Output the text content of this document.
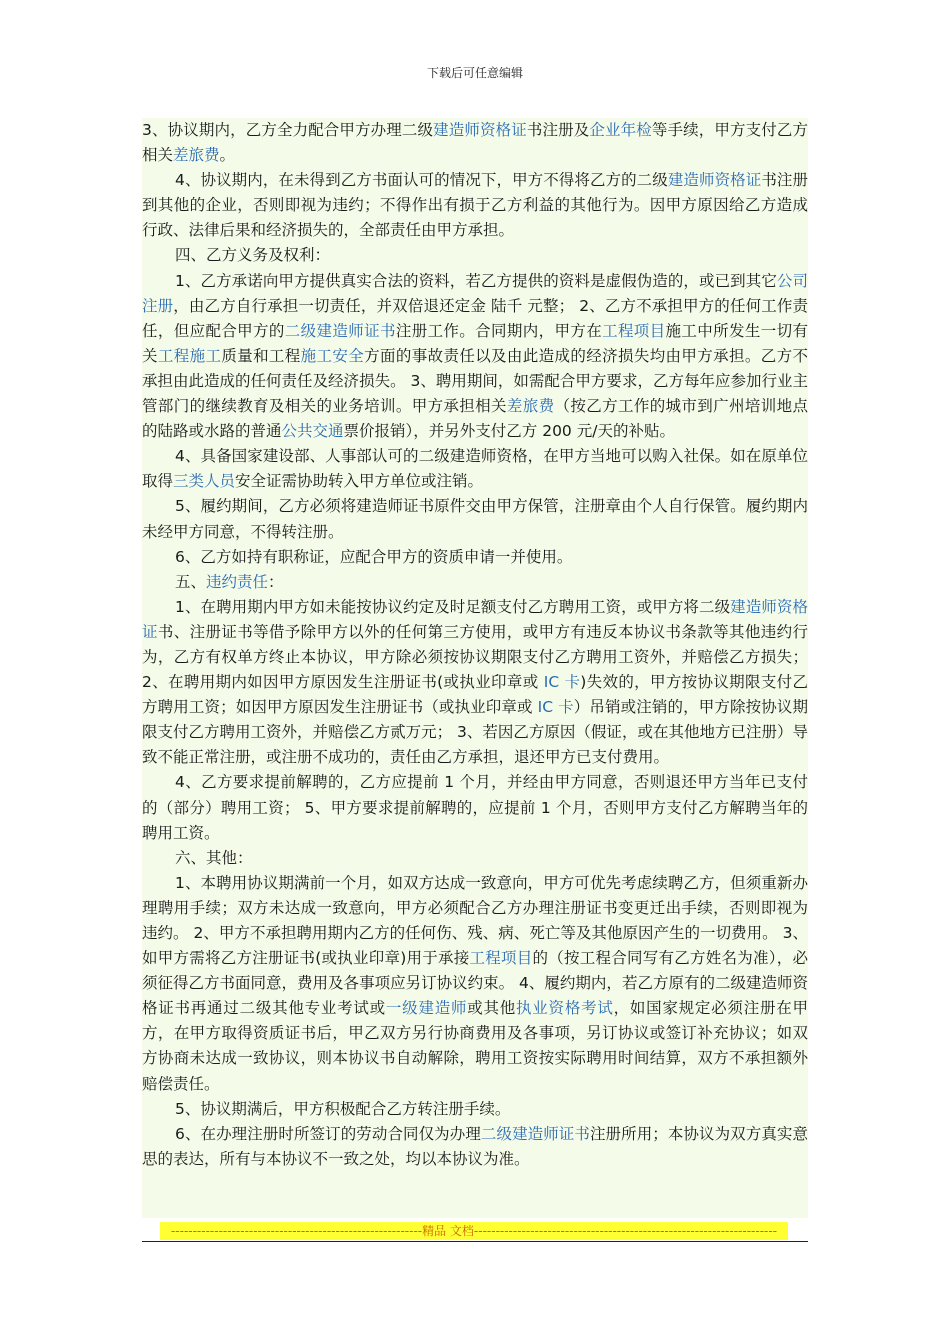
下载后可任意编辑

3、协议期内，乙方全力配合甲方办理二级建造师资格证书注册及企业年检等手续，甲方支付乙方相关差旅费。

4、协议期内，在未得到乙方书面认可的情况下，甲方不得将乙方的二级建造师资格证书注册到其他的企业，否则即视为违约；不得作出有损于乙方利益的其他行为。因甲方原因给乙方造成行政、法律后果和经济损失的，全部责任由甲方承担。

四、乙方义务及权利：

1、乙方承诺向甲方提供真实合法的资料，若乙方提供的资料是虚假伪造的，或已到其它公司注册，由乙方自行承担一切责任，并双倍退还定金 陆千 元整； 2、乙方不承担甲方的任何工作责任，但应配合甲方的二级建造师证书注册工作。合同期内，甲方在工程项目施工中所发生一切有关工程施工质量和工程施工安全方面的事故责任以及由此造成的经济损失均由甲方承担。乙方不承担由此造成的任何责任及经济损失。 3、聘用期间，如需配合甲方要求，乙方每年应参加行业主管部门的继续教育及相关的业务培训。甲方承担相关差旅费（按乙方工作的城市到广州培训地点的陆路或水路的普通公共交通票价报销），并另外支付乙方 200 元/天的补贴。

4、具备国家建设部、人事部认可的二级建造师资格，在甲方当地可以购入社保。如在原单位取得三类人员安全证需协助转入甲方单位或注销。

5、履约期间，乙方必须将建造师证书原件交由甲方保管，注册章由个人自行保管。履约期内未经甲方同意，不得转注册。

6、乙方如持有职称证，应配合甲方的资质申请一并使用。

五、违约责任：

1、在聘用期内甲方如未能按协议约定及时足额支付乙方聘用工资，或甲方将二级建造师资格证书、注册证书等借予除甲方以外的任何第三方使用，或甲方有违反本协议书条款等其他违约行为，乙方有权单方终止本协议，甲方除必须按协议期限支付乙方聘用工资外，并赔偿乙方损失； 2、在聘用期内如因甲方原因发生注册证书(或执业印章或 IC 卡)失效的，甲方按协议期限支付乙方聘用工资；如因甲方原因发生注册证书（或执业印章或 IC 卡）吊销或注销的，甲方除按协议期限支付乙方聘用工资外，并赔偿乙方贰万元； 3、若因乙方原因（假证，或在其他地方已注册）导致不能正常注册，或注册不成功的，责任由乙方承担，退还甲方已支付费用。

4、乙方要求提前解聘的，乙方应提前 1 个月，并经由甲方同意，否则退还甲方当年已支付的（部分）聘用工资； 5、甲方要求提前解聘的，应提前 1 个月，否则甲方支付乙方解聘当年的聘用工资。

六、其他：

1、本聘用协议期满前一个月，如双方达成一致意向，甲方可优先考虑续聘乙方，但须重新办理聘用手续；双方未达成一致意向，甲方必须配合乙方办理注册证书变更迁出手续，否则即视为违约。 2、甲方不承担聘用期内乙方的任何伤、残、病、死亡等及其他原因产生的一切费用。 3、如甲方需将乙方注册证书(或执业印章)用于承接工程项目的（按工程合同写有乙方姓名为准），必须征得乙方书面同意，费用及各事项应另订协议约束。 4、履约期内，若乙方原有的二级建造师资格证书再通过二级其他专业考试或一级建造师或其他执业资格考试，如国家规定必须注册在甲方，在甲方取得资质证书后，甲乙双方另行协商费用及各事项，另订协议或签订补充协议；如双方协商未达成一致协议，则本协议书自动解除，聘用工资按实际聘用时间结算，双方不承担额外赔偿责任。

5、协议期满后，甲方积极配合乙方转注册手续。

6、在办理注册时所签订的劳动合同仅为办理二级建造师证书注册所用；本协议为双方真实意思的表达，所有与本协议不一致之处，均以本协议为准。

----------------------------------------------------------精品 文档----------------------------------------------------------------------
